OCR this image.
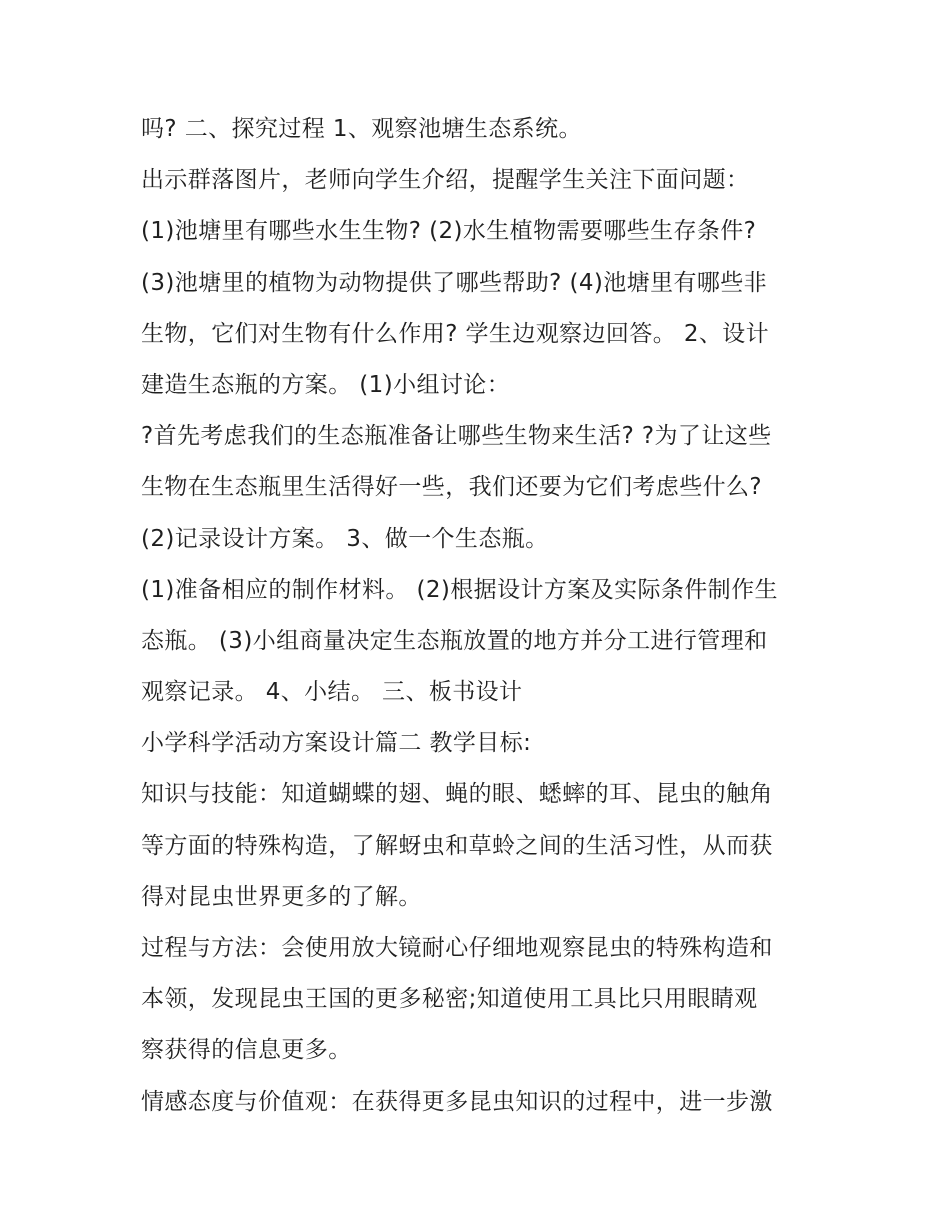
吗? 二、探究过程 1、观察池塘生态系统。
出示群落图片，老师向学生介绍，提醒学生关注下面问题：
(1)池塘里有哪些水生生物? (2)水生植物需要哪些生存条件?
(3)池塘里的植物为动物提供了哪些帮助? (4)池塘里有哪些非
生物，它们对生物有什么作用? 学生边观察边回答。 2、设计
建造生态瓶的方案。 (1)小组讨论：
?首先考虑我们的生态瓶准备让哪些生物来生活? ?为了让这些
生物在生态瓶里生活得好一些，我们还要为它们考虑些什么?
(2)记录设计方案。 3、做一个生态瓶。
(1)准备相应的制作材料。 (2)根据设计方案及实际条件制作生
态瓶。 (3)小组商量决定生态瓶放置的地方并分工进行管理和
观察记录。 4、小结。 三、板书设计
小学科学活动方案设计篇二 教学目标:
知识与技能：知道蝴蝶的翅、蝇的眼、蟋蟀的耳、昆虫的触角
等方面的特殊构造，了解蚜虫和草蛉之间的生活习性，从而获
得对昆虫世界更多的了解。
过程与方法：会使用放大镜耐心仔细地观察昆虫的特殊构造和
本领，发现昆虫王国的更多秘密;知道使用工具比只用眼睛观
察获得的信息更多。
情感态度与价值观：在获得更多昆虫知识的过程中，进一步激
